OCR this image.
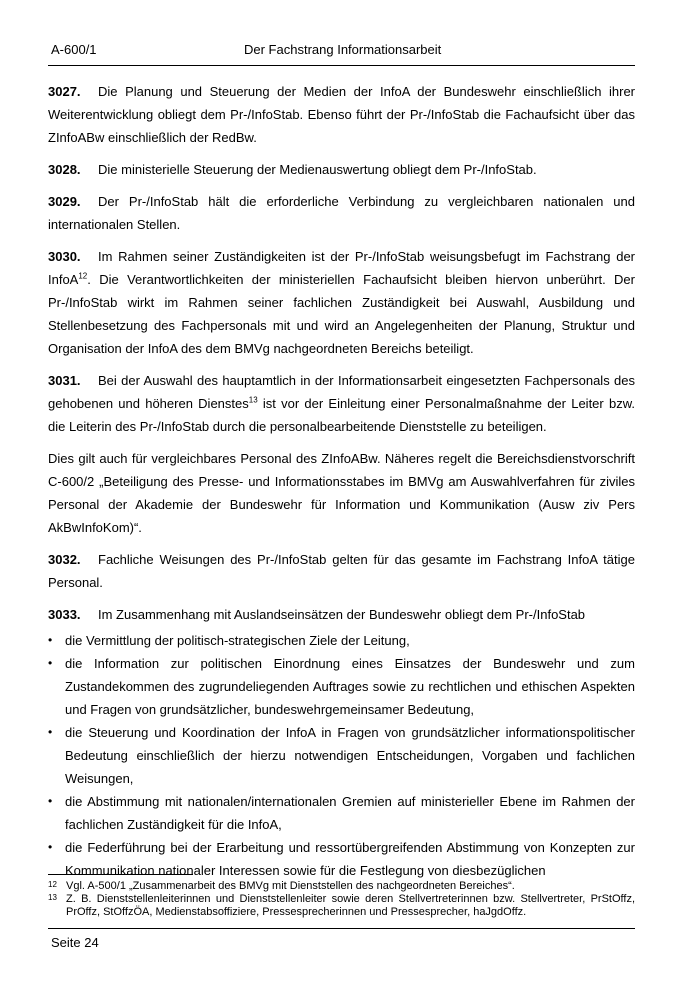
A-600/1	Der Fachstrang Informationsarbeit

3027. Die Planung und Steuerung der Medien der InfoA der Bundeswehr einschließlich ihrer Weiterentwicklung obliegt dem Pr-/InfoStab. Ebenso führt der Pr-/InfoStab die Fachaufsicht über das ZInfoABw einschließlich der RedBw.

3028. Die ministerielle Steuerung der Medienauswertung obliegt dem Pr-/InfoStab.

3029. Der Pr-/InfoStab hält die erforderliche Verbindung zu vergleichbaren nationalen und internationalen Stellen.

3030. Im Rahmen seiner Zuständigkeiten ist der Pr-/InfoStab weisungsbefugt im Fachstrang der InfoA$^{12}$. Die Verantwortlichkeiten der ministeriellen Fachaufsicht bleiben hiervon unberührt. Der Pr-/InfoStab wirkt im Rahmen seiner fachlichen Zuständigkeit bei Auswahl, Ausbildung und Stellenbesetzung des Fachpersonals mit und wird an Angelegenheiten der Planung, Struktur und Organisation der InfoA des dem BMVg nachgeordneten Bereichs beteiligt.

3031. Bei der Auswahl des hauptamtlich in der Informationsarbeit eingesetzten Fachpersonals des gehobenen und höheren Dienstes$^{13}$ ist vor der Einleitung einer Personalmaßnahme der Leiter bzw. die Leiterin des Pr-/InfoStab durch die personalbearbeitende Dienststelle zu beteiligen.

Dies gilt auch für vergleichbares Personal des ZInfoABw. Näheres regelt die Bereichsdienstvorschrift C-600/2 „Beteiligung des Presse- und Informationsstabes im BMVg am Auswahlverfahren für ziviles Personal der Akademie der Bundeswehr für Information und Kommunikation (Ausw ziv Pers AkBwInfoKom)“.

3032. Fachliche Weisungen des Pr-/InfoStab gelten für das gesamte im Fachstrang InfoA tätige Personal.

3033. Im Zusammenhang mit Auslandseinsätzen der Bundeswehr obliegt dem Pr-/InfoStab

• die Vermittlung der politisch-strategischen Ziele der Leitung,
• die Information zur politischen Einordnung eines Einsatzes der Bundeswehr und zum Zustandekommen des zugrundeliegenden Auftrages sowie zu rechtlichen und ethischen Aspekten und Fragen von grundsätzlicher, bundeswehrgemeinsamer Bedeutung,
• die Steuerung und Koordination der InfoA in Fragen von grundsätzlicher informationspolitischer Bedeutung einschließlich der hierzu notwendigen Entscheidungen, Vorgaben und fachlichen Weisungen,
• die Abstimmung mit nationalen/internationalen Gremien auf ministerieller Ebene im Rahmen der fachlichen Zuständigkeit für die InfoA,
• die Federführung bei der Erarbeitung und ressortübergreifenden Abstimmung von Konzepten zur Kommunikation nationaler Interessen sowie für die Festlegung von diesbezüglichen
12 Vgl. A-500/1 „Zusammenarbeit des BMVg mit Dienststellen des nachgeordneten Bereiches“.
13 Z. B. Dienststellenleiterinnen und Dienststellenleiter sowie deren Stellvertreterinnen bzw. Stellvertreter, PrStOffz, PrOffz, StOffzÖA, Medienstabsoffiziere, Pressesprecherinnen und Pressesprecher, haJgdOffz.
Seite 24
